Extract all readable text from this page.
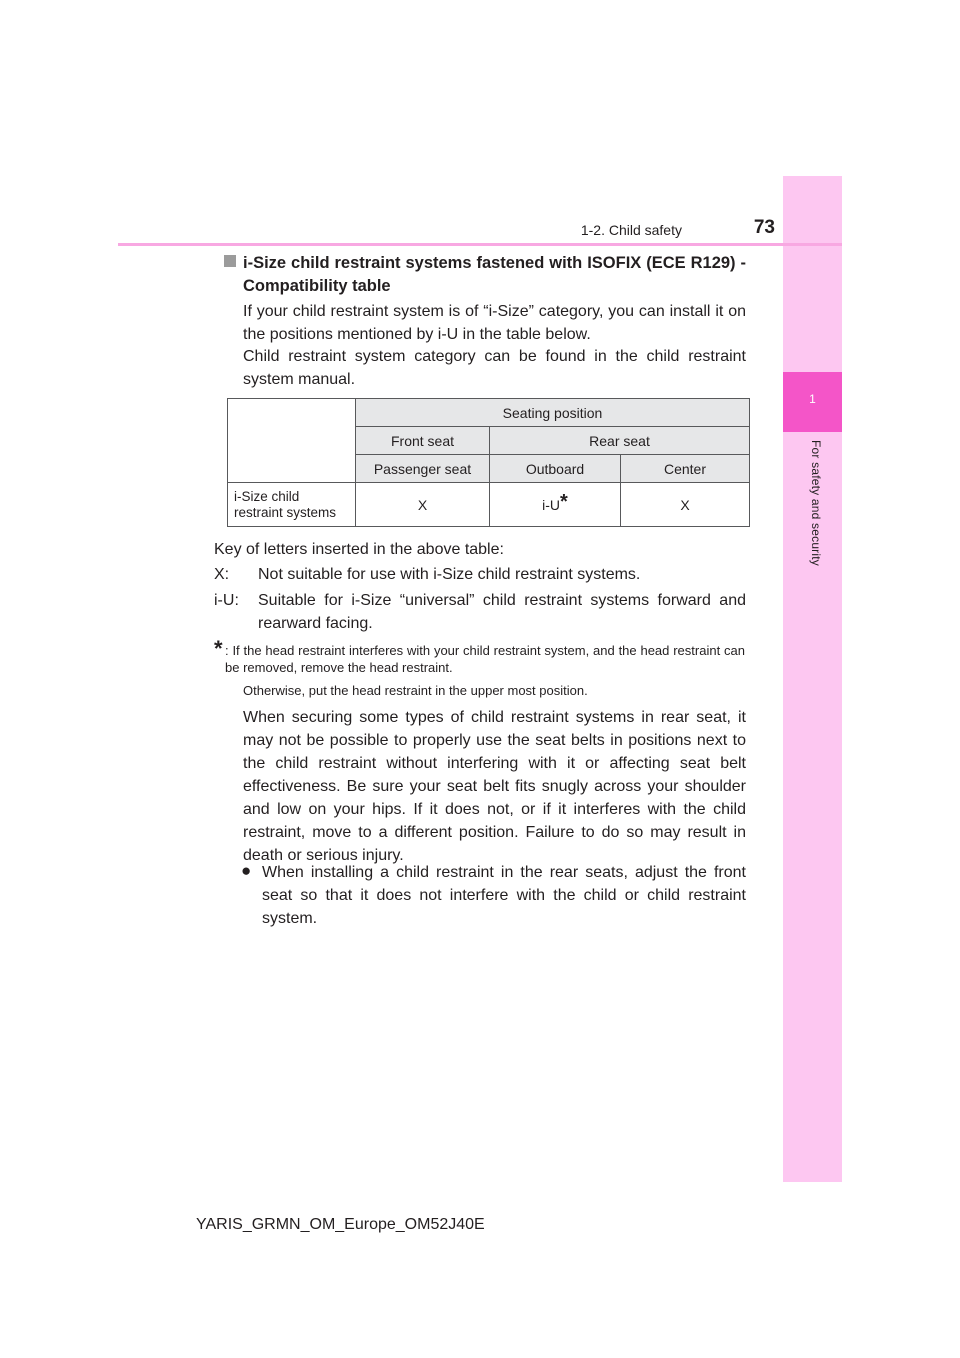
1
For safety and security
1-2. Child safety	73
i-Size child restraint systems fastened with ISOFIX (ECE R129) - Compatibility table
If your child restraint system is of “i-Size” category, you can install it on the positions mentioned by i-U in the table below.
Child restraint system category can be found in the child restraint system manual.
	Seating position		
	Front seat	Rear seat	
	Passenger seat	Outboard	Center
i-Size child restraint systems	X	i-U*	X
Key of letters inserted in the above table:
X:	Not suitable for use with i-Size child restraint systems.
i-U:	Suitable for i-Size “universal” child restraint systems forward and rearward facing.
* : If the head restraint interferes with your child restraint system, and the head restraint can be removed, remove the head restraint.
Otherwise, put the head restraint in the upper most position.
When securing some types of child restraint systems in rear seat, it may not be possible to properly use the seat belts in positions next to the child restraint without interfering with it or affecting seat belt effectiveness. Be sure your seat belt fits snugly across your shoulder and low on your hips. If it does not, or if it interferes with the child restraint, move to a different position. Failure to do so may result in death or serious injury.
● When installing a child restraint in the rear seats, adjust the front seat so that it does not interfere with the child or child restraint system.
YARIS_GRMN_OM_Europe_OM52J40E
